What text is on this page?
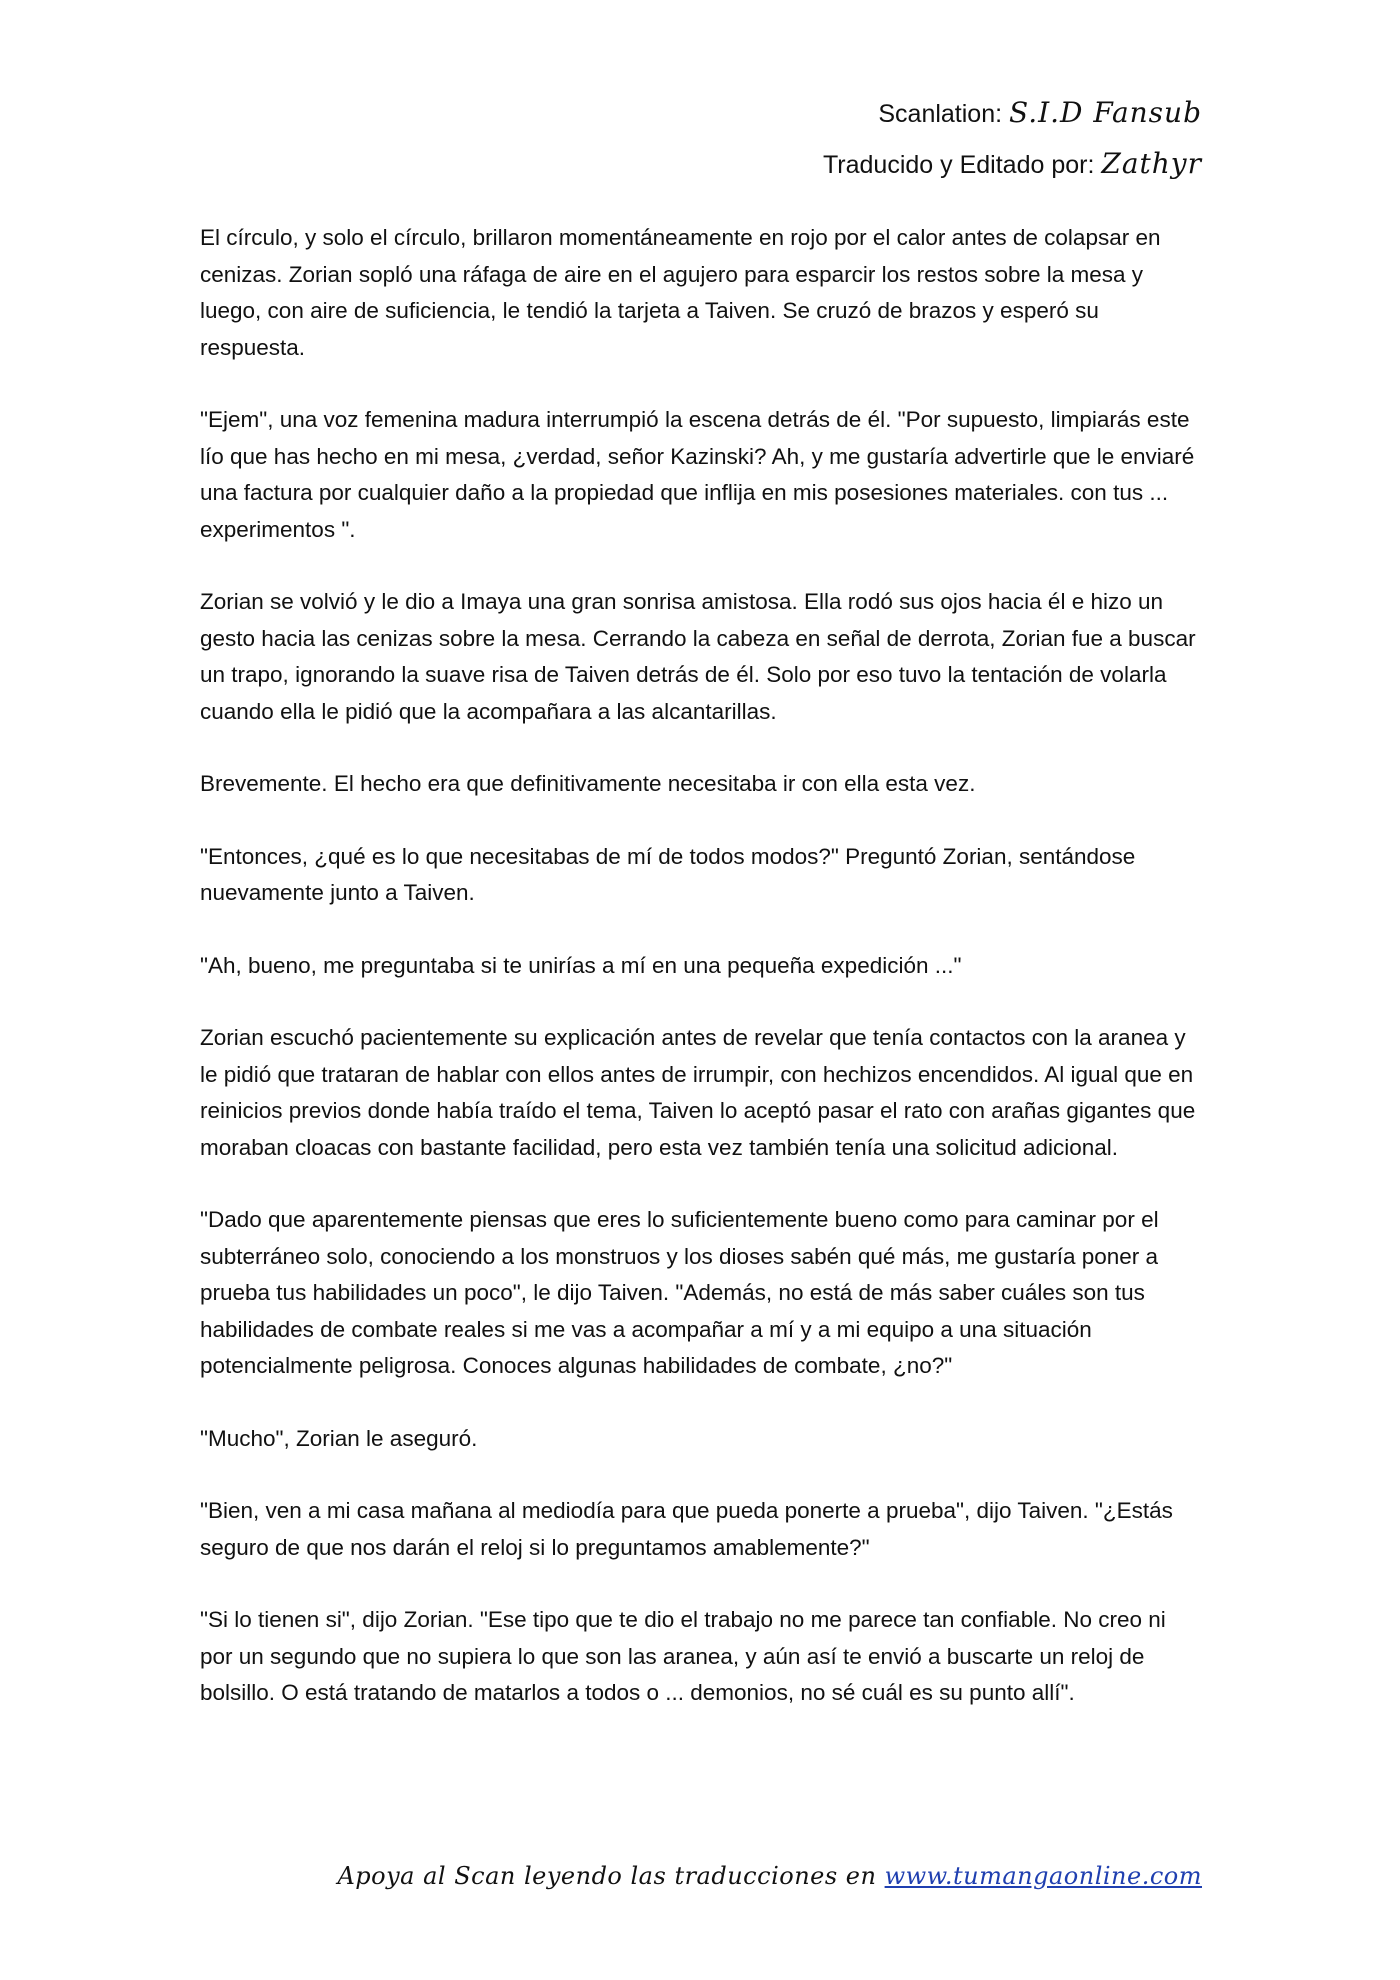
Scanlation: S.I.D Fansub
Traducido y Editado por: Zathyr

El círculo, y solo el círculo, brillaron momentáneamente en rojo por el calor antes de colapsar en cenizas. Zorian sopló una ráfaga de aire en el agujero para esparcir los restos sobre la mesa y luego, con aire de suficiencia, le tendió la tarjeta a Taiven. Se cruzó de brazos y esperó su respuesta.

"Ejem", una voz femenina madura interrumpió la escena detrás de él. "Por supuesto, limpiarás este lío que has hecho en mi mesa, ¿verdad, señor Kazinski? Ah, y me gustaría advertirle que le enviaré una factura por cualquier daño a la propiedad que inflija en mis posesiones materiales. con tus ... experimentos ".

Zorian se volvió y le dio a Imaya una gran sonrisa amistosa. Ella rodó sus ojos hacia él e hizo un gesto hacia las cenizas sobre la mesa. Cerrando la cabeza en señal de derrota, Zorian fue a buscar un trapo, ignorando la suave risa de Taiven detrás de él. Solo por eso tuvo la tentación de volarla cuando ella le pidió que la acompañara a las alcantarillas.

Brevemente. El hecho era que definitivamente necesitaba ir con ella esta vez.

"Entonces, ¿qué es lo que necesitabas de mí de todos modos?" Preguntó Zorian, sentándose nuevamente junto a Taiven.

"Ah, bueno, me preguntaba si te unirías a mí en una pequeña expedición ..."

Zorian escuchó pacientemente su explicación antes de revelar que tenía contactos con la aranea y le pidió que trataran de hablar con ellos antes de irrumpir, con hechizos encendidos. Al igual que en reinicios previos donde había traído el tema, Taiven lo aceptó pasar el rato con arañas gigantes que moraban cloacas con bastante facilidad, pero esta vez también tenía una solicitud adicional.

"Dado que aparentemente piensas que eres lo suficientemente bueno como para caminar por el subterráneo solo, conociendo a los monstruos y los dioses sabén qué más, me gustaría poner a prueba tus habilidades un poco", le dijo Taiven. "Además, no está de más saber cuáles son tus habilidades de combate reales si me vas a acompañar a mí y a mi equipo a una situación potencialmente peligrosa. Conoces algunas habilidades de combate, ¿no?"

"Mucho", Zorian le aseguró.

"Bien, ven a mi casa mañana al mediodía para que pueda ponerte a prueba", dijo Taiven. "¿Estás seguro de que nos darán el reloj si lo preguntamos amablemente?"

"Si lo tienen si", dijo Zorian. "Ese tipo que te dio el trabajo no me parece tan confiable. No creo ni por un segundo que no supiera lo que son las aranea, y aún así te envió a buscarte un reloj de bolsillo. O está tratando de matarlos a todos o ... demonios, no sé cuál es su punto allí".

Apoya al Scan leyendo las traducciones en www.tumangaonline.com
